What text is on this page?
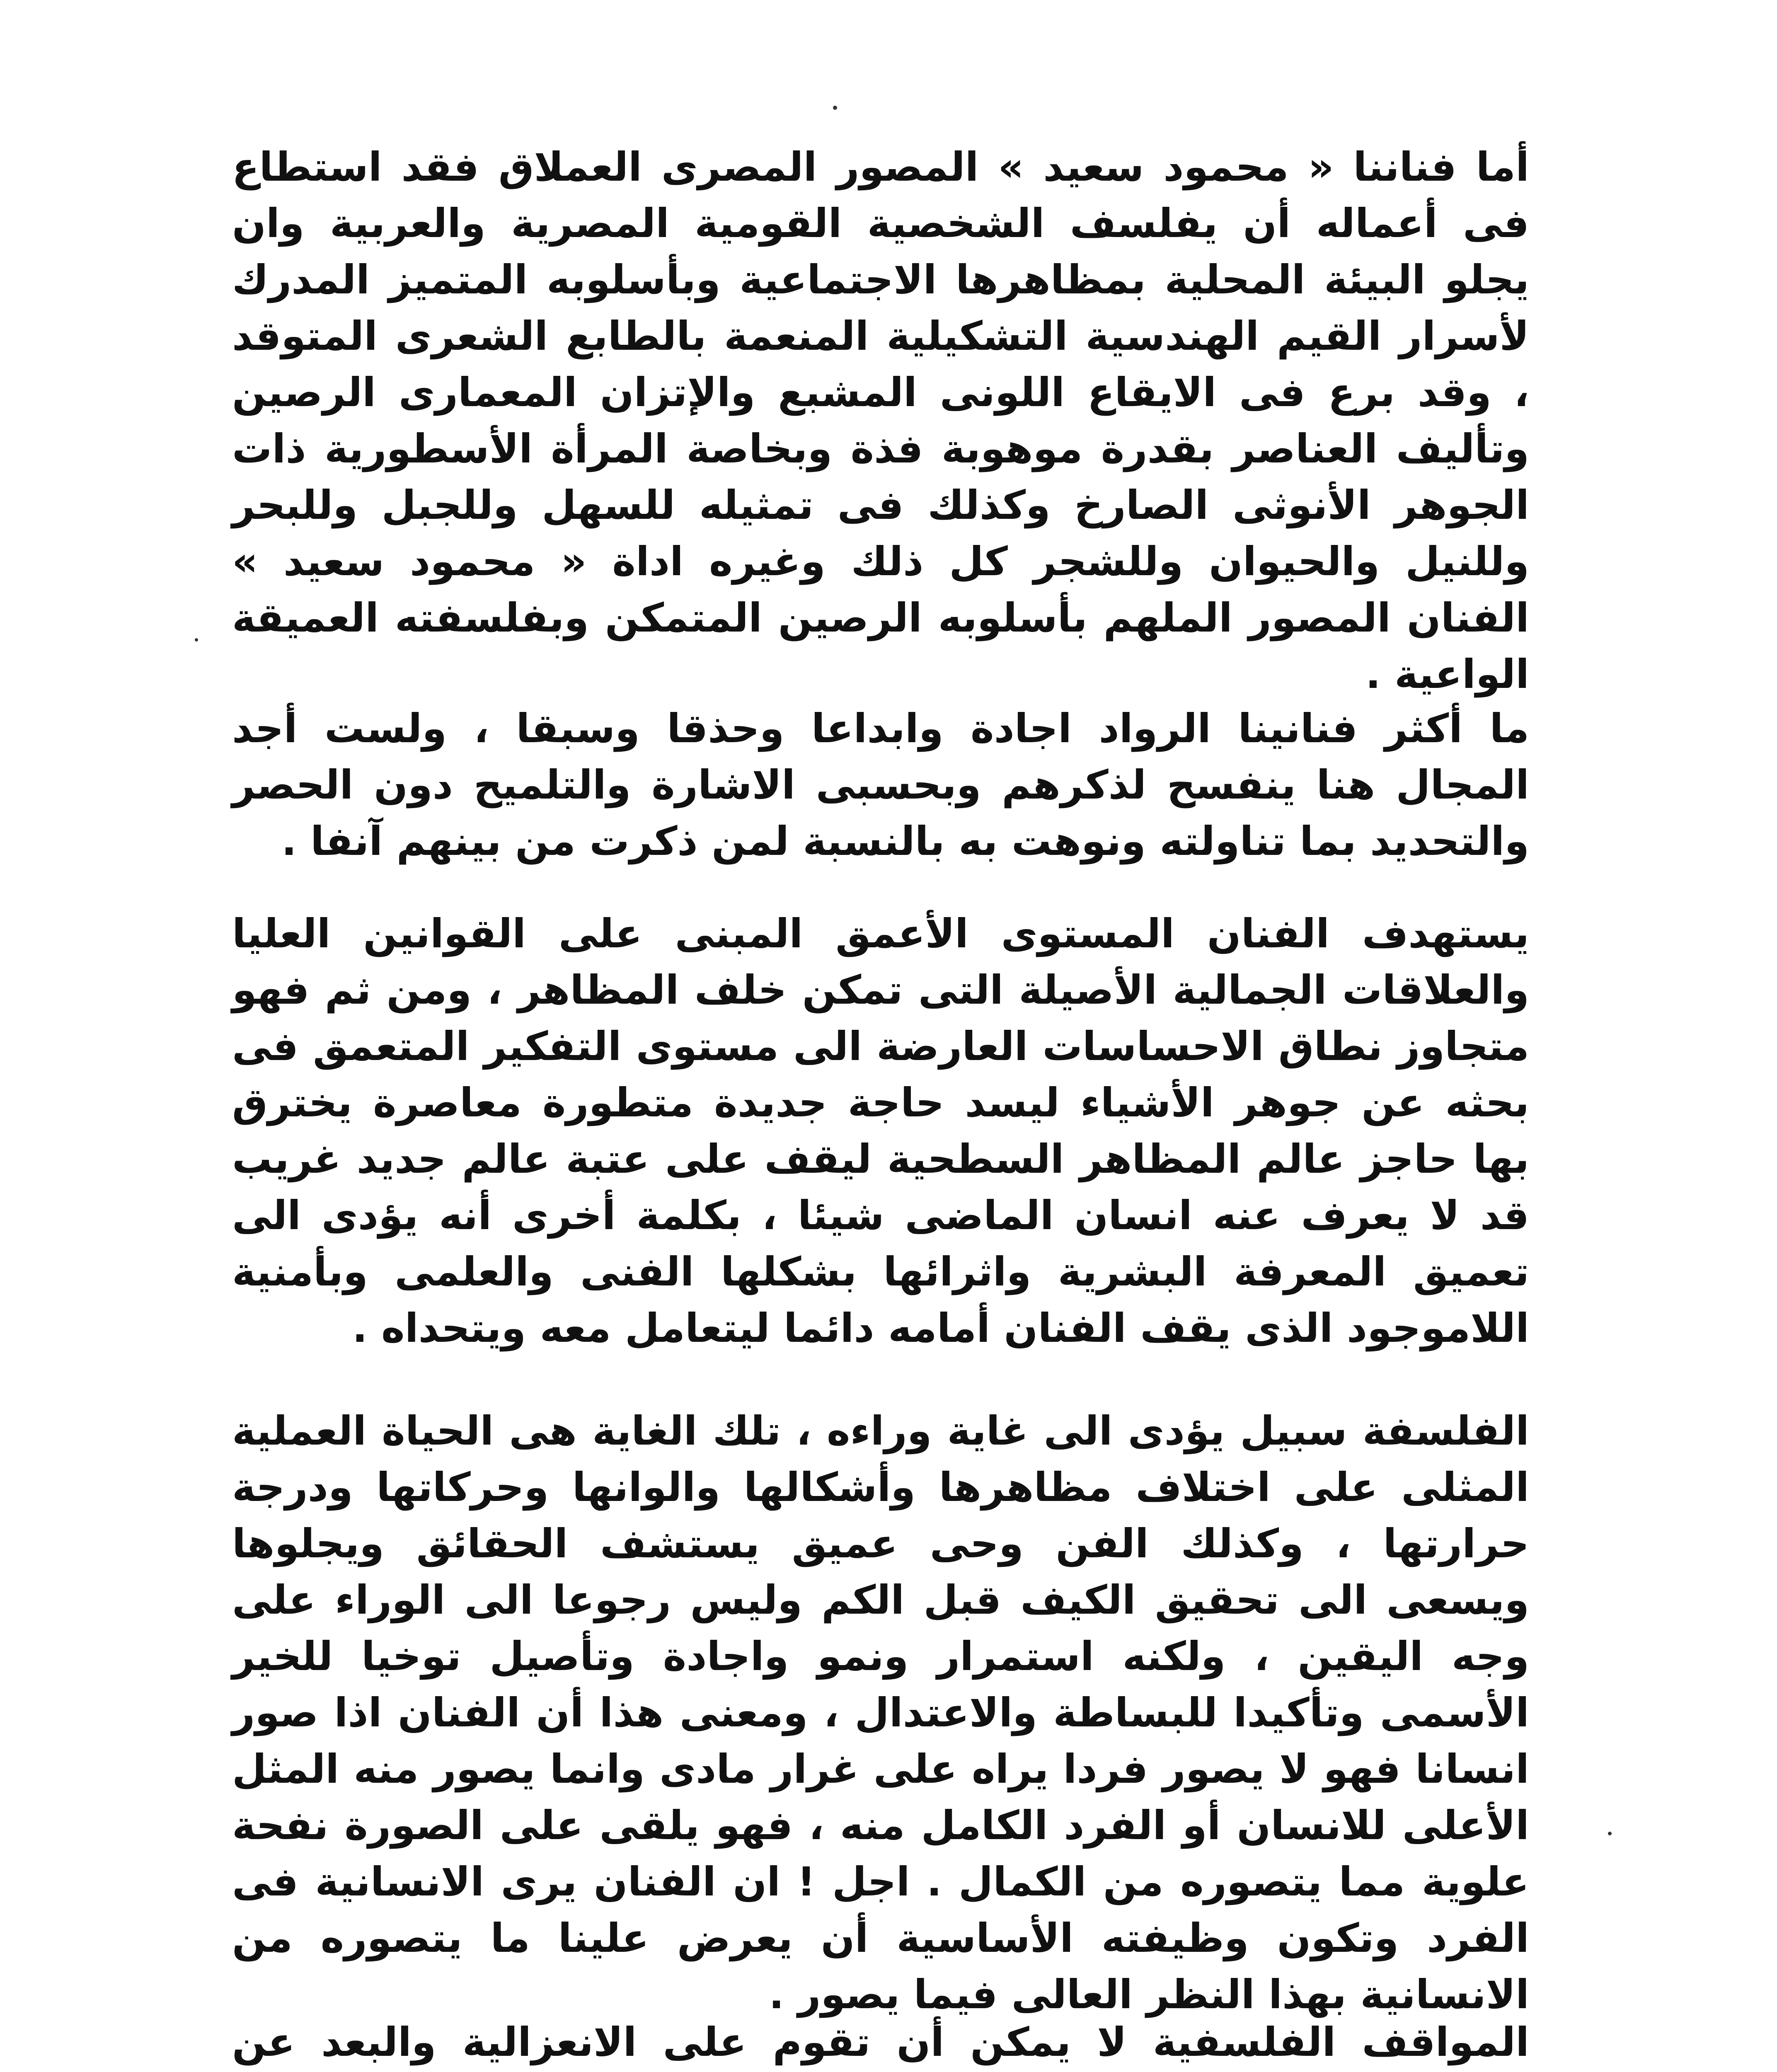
أما فناننا « محمود سعيد » المصور المصرى العملاق فقد استطاع فى أعماله أن يفلسف الشخصية القومية المصرية والعربية وان يجلو البيئة المحلية بمظاهرها الاجتماعية وبأسلوبه المتميز المدرك لأسرار القيم الهندسية التشكيلية المنعمة بالطابع الشعرى المتوقد ، وقد برع فى الايقاع اللونى المشبع والإتزان المعمارى الرصين وتأليف العناصر بقدرة موهوبة فذة وبخاصة المرأة الأسطورية ذات الجوهر الأنوثى الصارخ وكذلك فى تمثيله للسهل وللجبل وللبحر وللنيل والحيوان وللشجر كل ذلك وغيره اداة « محمود سعيد » الفنان المصور الملهم بأسلوبه الرصين المتمكن وبفلسفته العميقة الواعية .

ما أكثر فنانينا الرواد اجادة وابداعا وحذقا وسبقا ، ولست أجد المجال هنا ينفسح لذكرهم وبحسبى الاشارة والتلميح دون الحصر والتحديد بما تناولته ونوهت به بالنسبة لمن ذكرت من بينهم آنفا .

يستهدف الفنان المستوى الأعمق المبنى على القوانين العليا والعلاقات الجمالية الأصيلة التى تمكن خلف المظاهر ، ومن ثم فهو متجاوز نطاق الاحساسات العارضة الى مستوى التفكير المتعمق فى بحثه عن جوهر الأشياء ليسد حاجة جديدة متطورة معاصرة يخترق بها حاجز عالم المظاهر السطحية ليقف على عتبة عالم جديد غريب قد لا يعرف عنه انسان الماضى شيئا ، بكلمة أخرى أنه يؤدى الى تعميق المعرفة البشرية واثرائها بشكلها الفنى والعلمى وبأمنية اللاموجود الذى يقف الفنان أمامه دائما ليتعامل معه ويتحداه .

الفلسفة سبيل يؤدى الى غاية وراءه ، تلك الغاية هى الحياة العملية المثلى على اختلاف مظاهرها وأشكالها والوانها وحركاتها ودرجة حرارتها ، وكذلك الفن وحى عميق يستشف الحقائق ويجلوها ويسعى الى تحقيق الكيف قبل الكم وليس رجوعا الى الوراء على وجه اليقين ، ولكنه استمرار ونمو واجادة وتأصيل توخيا للخير الأسمى وتأكيدا للبساطة والاعتدال ، ومعنى هذا أن الفنان اذا صور انسانا فهو لا يصور فردا يراه على غرار مادى وانما يصور منه المثل الأعلى للانسان أو الفرد الكامل منه ، فهو يلقى على الصورة نفحة علوية مما يتصوره من الكمال . اجل ! ان الفنان يرى الانسانية فى الفرد وتكون وظيفته الأساسية أن يعرض علينا ما يتصوره من الانسانية بهذا النظر العالى فيما يصور .

المواقف الفلسفية لا يمكن أن تقوم على الانعزالية والبعد عن
